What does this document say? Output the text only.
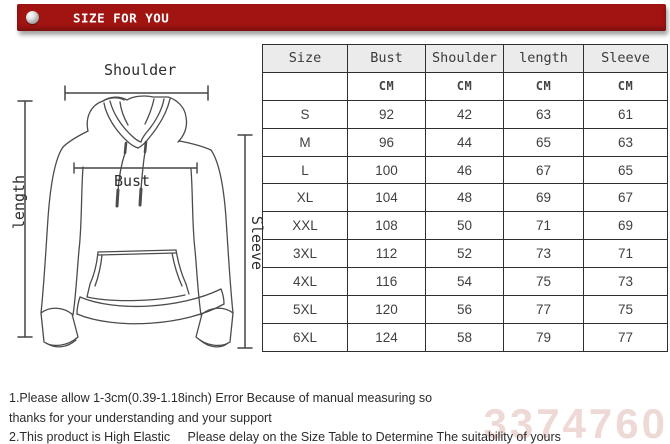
3374760
SIZE FOR YOU
Shoulder
length	Bust
Sleeve
Size	Bust	Shoulder	length	Sleeve
	CM	CM	CM	CM
S	92	42	63	61
M	96	44	65	63
L	100	46	67	65
XL	104	48	69	67
XXL	108	50	71	69
3XL	112	52	73	71
4XL	116	54	75	73
5XL	120	56	77	75
6XL	124	58	79	77
1.Please allow 1-3cm(0.39-1.18inch) Error Because of manual measuring so
thanks for your understanding and your support
2.This product is High Elastic     Please delay on the Size Table to Determine The suitability of yours
